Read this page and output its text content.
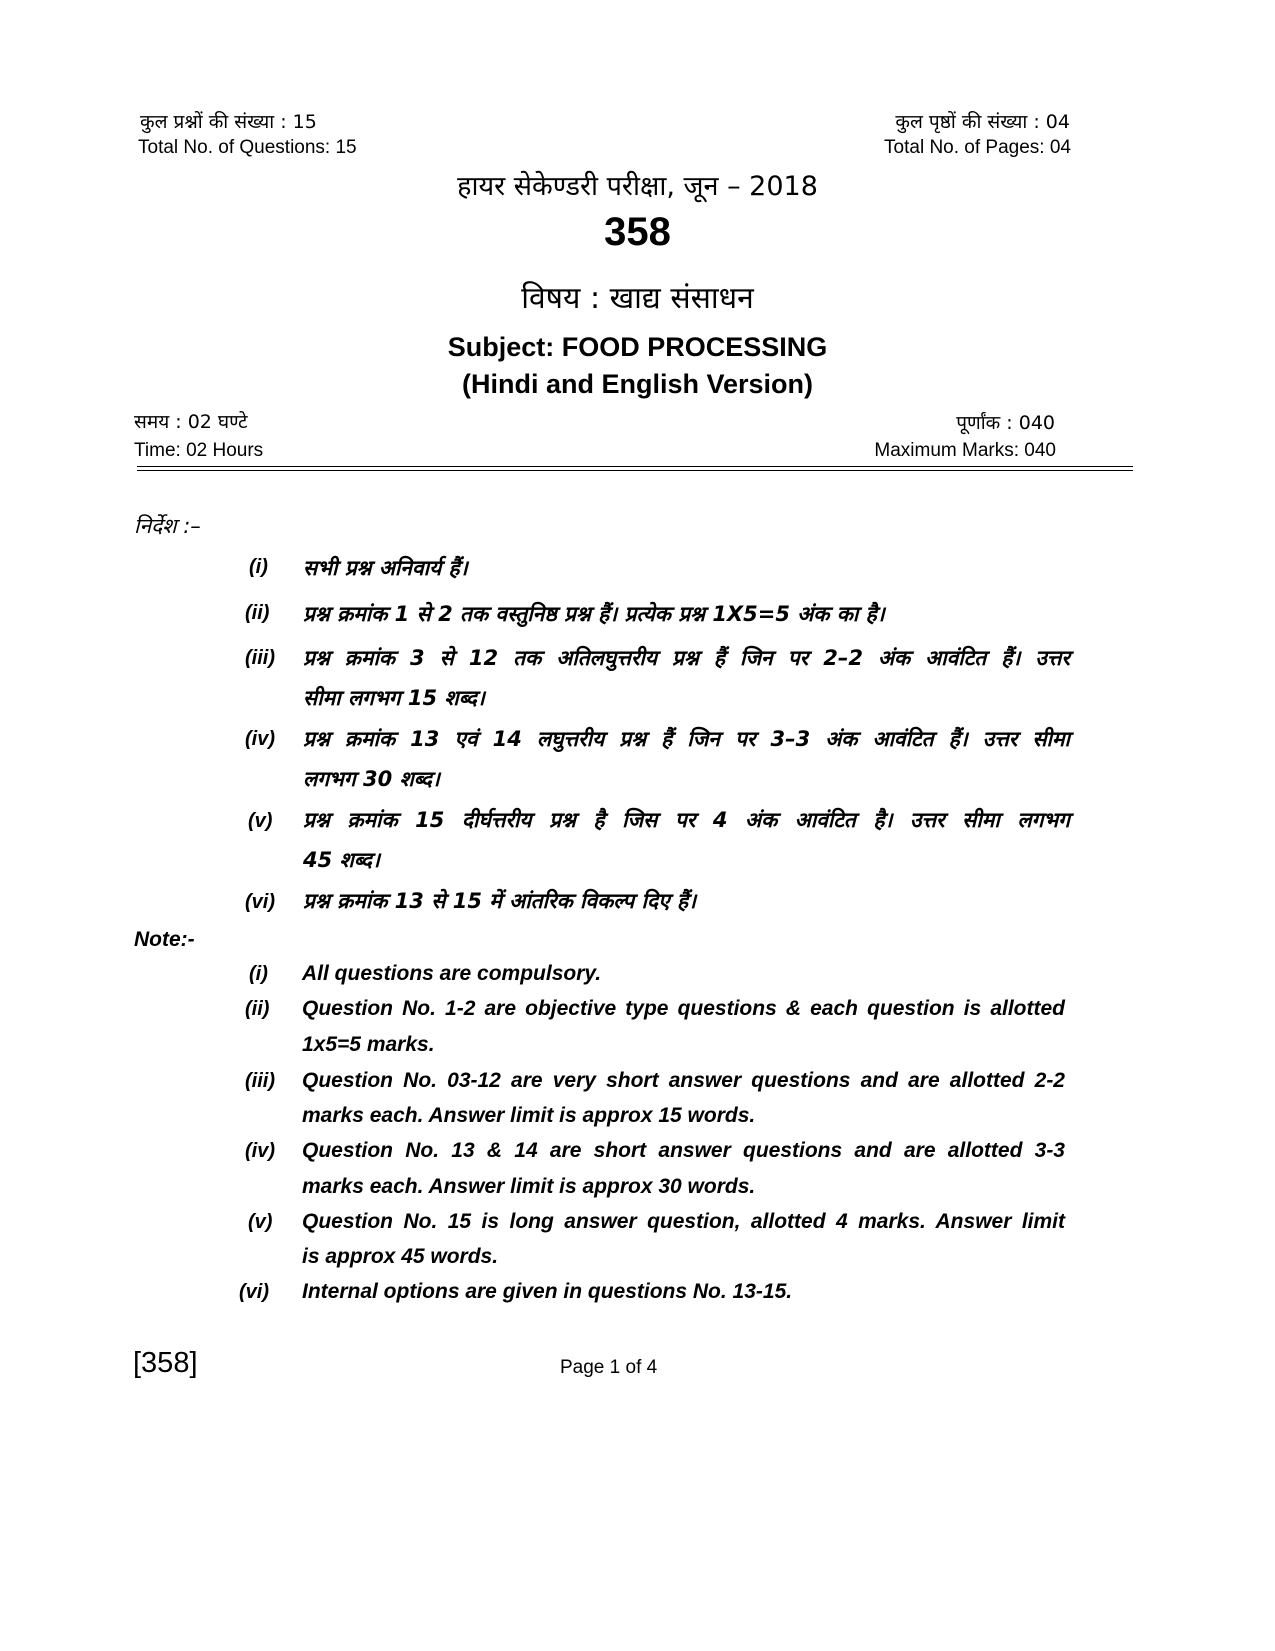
कुल प्रश्नों की संख्या : 15
Total No. of Questions: 15
कुल पृष्ठों की संख्या : 04
Total No. of Pages: 04
हायर सेकेण्डरी परीक्षा, जून – 2018
358
विषय : खाद्य संसाधन
Subject: FOOD PROCESSING
(Hindi and English Version)
समय : 02 घण्टे
Time: 02 Hours
पूर्णांक : 040
Maximum Marks: 040
निर्देश :–
(i) सभी प्रश्न अनिवार्य हैं।
(ii) प्रश्न क्रमांक 1 से 2 तक वस्तुनिष्ठ प्रश्न हैं। प्रत्येक प्रश्न 1X5=5 अंक का है।
(iii) प्रश्न क्रमांक 3 से 12 तक अतिलघुत्तरीय प्रश्न हैं जिन पर 2–2 अंक आवंटित हैं। उत्तर
सीमा लगभग 15 शब्द।
(iv) प्रश्न क्रमांक 13 एवं 14 लघुत्तरीय प्रश्न हैं जिन पर 3–3 अंक आवंटित हैं। उत्तर सीमा
लगभग 30 शब्द।
(v) प्रश्न क्रमांक 15 दीर्घत्तरीय प्रश्न है जिस पर 4 अंक आवंटित है। उत्तर सीमा लगभग
45 शब्द।
(vi) प्रश्न क्रमांक 13 से 15 में आंतरिक विकल्प दिए हैं।
Note:-
(i) All questions are compulsory.
(ii) Question No. 1-2 are objective type questions & each question is allotted
1x5=5 marks.
(iii) Question No. 03-12 are very short answer questions and are allotted 2-2
marks each. Answer limit is approx 15 words.
(iv) Question No. 13 & 14 are short answer questions and are allotted 3-3
marks each. Answer limit is approx 30 words.
(v) Question No. 15 is long answer question, allotted 4 marks. Answer limit
is approx 45 words.
(vi) Internal options are given in questions No. 13-15.
[358]	Page 1 of 4
